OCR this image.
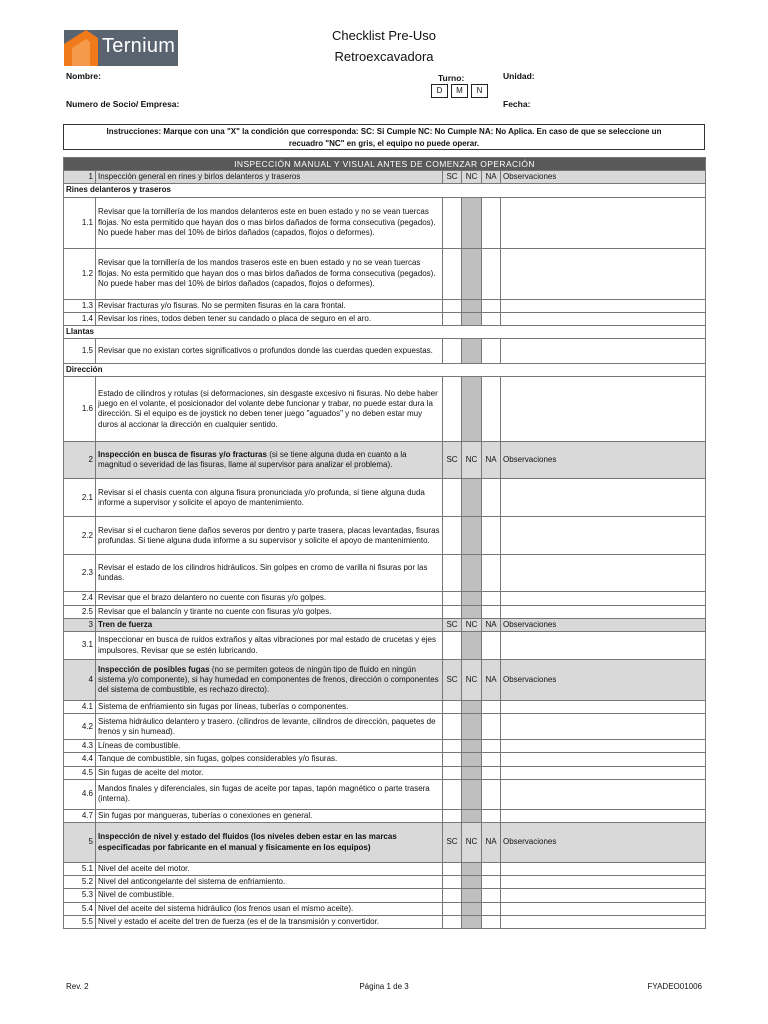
Ternium	Checklist Pre-Uso
Retroexcavadora
Nombre:	Turno:	Unidad:
D	M	N
Numero de Socio/ Empresa:	Fecha:
Instrucciones: Marque con una "X" la condición que corresponda: SC: Si Cumple NC: No Cumple NA: No Aplica. En caso de que se seleccione un
recuadro "NC" en gris, el equipo no puede operar.
INSPECCIÓN MANUAL Y VISUAL ANTES DE COMENZAR OPERACIÓN					
1	Inspección general en rines y birlos delanteros y traseros	SC	NC	NA	Observaciones
Rines delanteros y traseros					
1.1	Revisar que la tornillería de los mandos delanteros este en buen estado y no se vean tuercas flojas. No esta permitido que hayan dos o mas birlos dañados de forma consecutiva (pegados). No puede haber mas del 10% de birlos dañados (capados, flojos o deformes).				
1.2	Revisar que la tornillería de los mandos traseros este en buen estado y no se vean tuercas flojas. No esta permitido que hayan dos o mas birlos dañados de forma consecutiva (pegados). No puede haber mas del 10% de birlos dañados (capados, flojos o deformes).				
1.3	Revisar fracturas y/o fisuras. No se permiten fisuras en la cara frontal.				
1.4	Revisar los rines, todos deben tener su candado o placa de seguro en el aro.				
Llantas					
1.5	Revisar que no existan cortes significativos o profundos donde las cuerdas queden expuestas.				
Dirección					
1.6	Estado de cilindros y rotulas (si deformaciones, sin desgaste excesivo ni fisuras. No debe haber juego en el volante, el posicionador del volante debe funcionar y trabar, no puede estar dura la dirección. Si el equipo es de joystick no deben tener juego "aguados" y no deben estar muy duros al accionar la dirección en cualquier sentido.				
2	Inspección en busca de fisuras y/o fracturas (si se tiene alguna duda en cuanto a la magnitud o severidad de las fisuras, llame al supervisor para analizar el problema).	SC	NC	NA	Observaciones
2.1	Revisar si el chasis cuenta con alguna fisura pronunciada y/o profunda, si tiene alguna duda informe a supervisor y solicite el apoyo de mantenimiento.				
2.2	Revisar si el cucharon tiene daños severos por dentro y parte trasera, placas levantadas, fisuras profundas. Si tiene alguna duda informe a su supervisor y solicite el apoyo de mantenimiento.				
2.3	Revisar el estado de los cilindros hidráulicos. Sin golpes en cromo de varilla ni fisuras por las fundas.				
2.4	Revisar que el brazo delantero no cuente con fisuras y/o golpes.				
2.5	Revisar que el balancín y tirante no cuente con fisuras y/o golpes.				
3	Tren de fuerza	SC	NC	NA	Observaciones
3.1	Inspeccionar en busca de ruidos extraños y altas vibraciones por mal estado de crucetas y ejes impulsores. Revisar que se estén lubricando.				
4	Inspección de posibles fugas (no se permiten goteos de ningún tipo de fluido en ningún sistema y/o componente), si hay humedad en componentes de frenos, dirección o componentes del sistema de combustible, es rechazo directo).	SC	NC	NA	Observaciones
4.1	Sistema de enfriamiento sin fugas por líneas, tuberías o componentes.				
4.2	Sistema hidráulico delantero y trasero. (cilindros de levante, cilindros de dirección, paquetes de frenos y sin humead).				
4.3	Líneas de combustible.				
4.4	Tanque de combustible, sin fugas, golpes considerables y/o fisuras.				
4.5	Sin fugas de aceite del motor.				
4.6	Mandos finales y diferenciales, sin fugas de aceite por tapas, tapón magnético o parte trasera (interna).				
4.7	Sin fugas por mangueras, tuberías o conexiones en general.				
5	Inspección de nivel y estado del fluidos (los niveles deben estar en las marcas especificadas por fabricante en el manual y físicamente en los equipos)	SC	NC	NA	Observaciones
5.1	Nivel del aceite del motor.				
5.2	Nivel del anticongelante del sistema de enfriamiento.				
5.3	Nivel de combustible.				
5.4	Nivel del aceite del sistema hidráulico (los frenos usan el mismo aceite).				
5.5	Nivel y estado el aceite del tren de fuerza (es el de la transmisión y convertidor.				
Rev. 2	Página 1 de 3	FYADEO01006
